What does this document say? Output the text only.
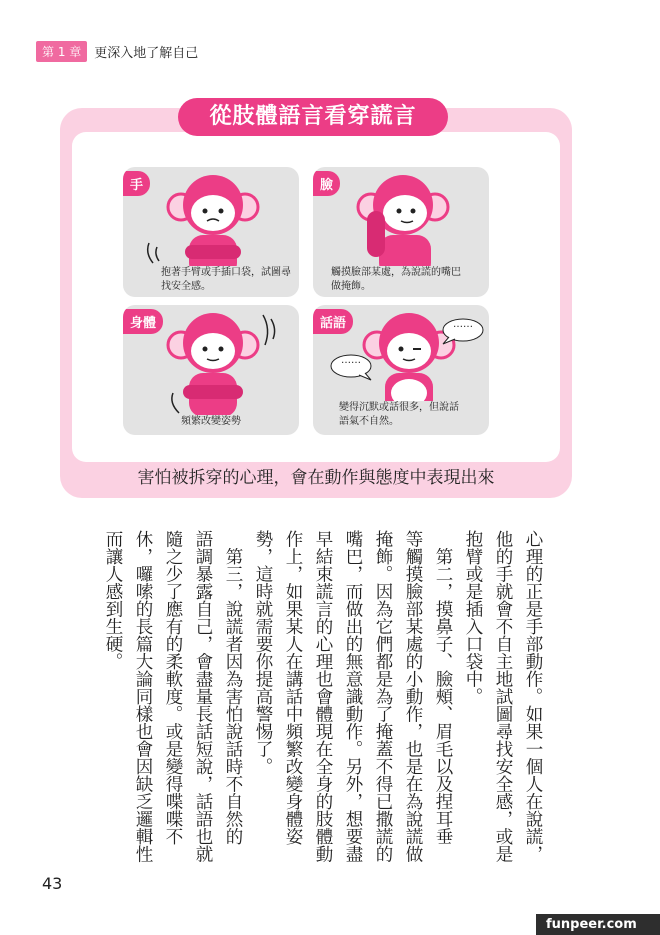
第 1 章	更深入地了解自己
從肢體語言看穿謊言
手
抱著手臂或手插口袋，試圖尋找安全感。
臉
觸摸臉部某處，為說謊的嘴巴做掩飾。
身體
頻繁改變姿勢
……
……
話語
變得沉默或話很多，但說話語氣不自然。
害怕被拆穿的心理，會在動作與態度中表現出來
心理的正是手部動作。如果一個人在說謊，
他的手就會不自主地試圖尋找安全感，或是
抱臂或是插入口袋中。
　第二，摸鼻子、臉頰、眉毛以及捏耳垂
等觸摸臉部某處的小動作，也是在為說謊做
掩飾。因為它們都是為了掩蓋不得已撒謊的
嘴巴，而做出的無意識動作。另外，想要盡
早結束謊言的心理也會體現在全身的肢體動
作上，如果某人在講話中頻繁改變身體姿
勢，這時就需要你提高警惕了。
　第三，說謊者因為害怕說話時不自然的
語調暴露自己，會盡量長話短說，話語也就
隨之少了應有的柔軟度。或是變得喋喋不
休，囉嗦的長篇大論同樣也會因缺乏邏輯性
而讓人感到生硬。
43
funpeer.com
